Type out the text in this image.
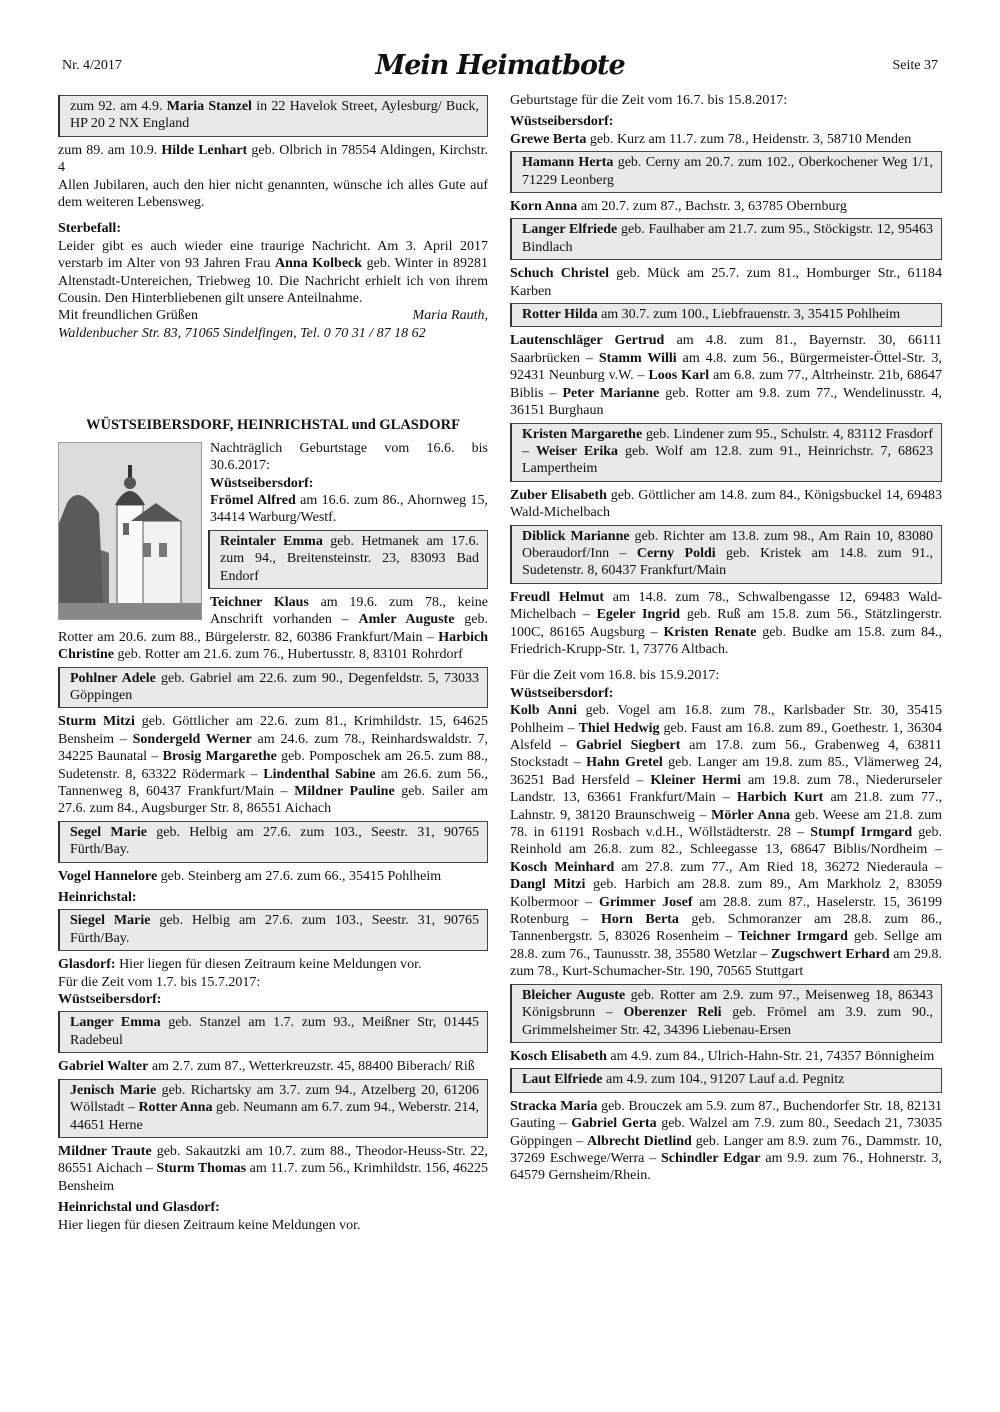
Nr. 4/2017	Mein Heimatbote	Seite 37

zum 92. am 4.9. Maria Stanzel in 22 Havelok Street, Aylesburg/ Buck, HP 20 2 NX England

zum 89. am 10.9. Hilde Lenhart geb. Olbrich in 78554 Aldingen, Kirchstr. 4

Allen Jubilaren, auch den hier nicht genannten, wünsche ich alles Gute auf dem weiteren Lebensweg.

Sterbefall:

Leider gibt es auch wieder eine traurige Nachricht. Am 3. April 2017 verstarb im Alter von 93 Jahren Frau Anna Kolbeck geb. Winter in 89281 Altenstadt-Untereichen, Triebweg 10. Die Nachricht erhielt ich von ihrem Cousin. Den Hinterbliebenen gilt unsere Anteilnahme.

Mit freundlichen Grüßen	Maria Rauth,

Waldenbucher Str. 83, 71065 Sindelfingen, Tel. 0 70 31 / 87 18 62

WÜSTSEIBERSDORF, HEINRICHSTAL und GLASDORF

Nachträglich Geburtstage vom 16.6. bis 30.6.2017:

Wüstseibersdorf:

Frömel Alfred am 16.6. zum 86., Ahornweg 15, 34414 Warburg/Westf.

Reintaler Emma geb. Hetmanek am 17.6. zum 94., Breitensteinstr. 23, 83093 Bad Endorf

Teichner Klaus am 19.6. zum 78., keine Anschrift vorhanden – Amler Auguste geb. Rotter am 20.6. zum 88., Bürgelerstr. 82, 60386 Frankfurt/Main – Harbich Christine geb. Rotter am 21.6. zum 76., Hubertusstr. 8, 83101 Rohrdorf

Pohlner Adele geb. Gabriel am 22.6. zum 90., Degenfeldstr. 5, 73033 Göppingen

Sturm Mitzi geb. Göttlicher am 22.6. zum 81., Krimhildstr. 15, 64625 Bensheim – Sondergeld Werner am 24.6. zum 78., Reinhardswaldstr. 7, 34225 Baunatal – Brosig Margarethe geb. Pomposchek am 26.5. zum 88., Sudetenstr. 8, 63322 Rödermark – Lindenthal Sabine am 26.6. zum 56., Tannenweg 8, 60437 Frankfurt/Main – Mildner Pauline geb. Sailer am 27.6. zum 84., Augsburger Str. 8, 86551 Aichach

Segel Marie geb. Helbig am 27.6. zum 103., Seestr. 31, 90765 Fürth/Bay.

Vogel Hannelore geb. Steinberg am 27.6. zum 66., 35415 Pohlheim

Heinrichstal:

Siegel Marie geb. Helbig am 27.6. zum 103., Seestr. 31, 90765 Fürth/Bay.

Glasdorf: Hier liegen für diesen Zeitraum keine Meldungen vor.

Für die Zeit vom 1.7. bis 15.7.2017:

Wüstseibersdorf:

Langer Emma geb. Stanzel am 1.7. zum 93., Meißner Str, 01445 Radebeul

Gabriel Walter am 2.7. zum 87., Wetterkreuzstr. 45, 88400 Biberach/ Riß

Jenisch Marie geb. Richartsky am 3.7. zum 94., Atzelberg 20, 61206 Wöllstadt – Rotter Anna geb. Neumann am 6.7. zum 94., Weberstr. 214, 44651 Herne

Mildner Traute geb. Sakautzki am 10.7. zum 88., Theodor-Heuss-Str. 22, 86551 Aichach – Sturm Thomas am 11.7. zum 56., Krimhildstr. 156, 46225 Bensheim

Heinrichstal und Glasdorf:

Hier liegen für diesen Zeitraum keine Meldungen vor.

Geburtstage für die Zeit vom 16.7. bis 15.8.2017:

Wüstseibersdorf:

Grewe Berta geb. Kurz am 11.7. zum 78., Heidenstr. 3, 58710 Menden

Hamann Herta geb. Cerny am 20.7. zum 102., Oberkochener Weg 1/1, 71229 Leonberg

Korn Anna am 20.7. zum 87., Bachstr. 3, 63785 Obernburg

Langer Elfriede geb. Faulhaber am 21.7. zum 95., Stöckigstr. 12, 95463 Bindlach

Schuch Christel geb. Mück am 25.7. zum 81., Homburger Str., 61184 Karben

Rotter Hilda am 30.7. zum 100., Liebfrauenstr. 3, 35415 Pohlheim

Lautenschläger Gertrud am 4.8. zum 81., Bayernstr. 30, 66111 Saarbrücken – Stamm Willi am 4.8. zum 56., Bürgermeister-Öttel-Str. 3, 92431 Neunburg v.W. – Loos Karl am 6.8. zum 77., Altrheinstr. 21b, 68647 Biblis – Peter Marianne geb. Rotter am 9.8. zum 77., Wendelinusstr. 4, 36151 Burghaun

Kristen Margarethe geb. Lindener zum 95., Schulstr. 4, 83112 Frasdorf – Weiser Erika geb. Wolf am 12.8. zum 91., Heinrichstr. 7, 68623 Lampertheim

Zuber Elisabeth geb. Göttlicher am 14.8. zum 84., Königsbuckel 14, 69483 Wald-Michelbach

Diblick Marianne geb. Richter am 13.8. zum 98., Am Rain 10, 83080 Oberaudorf/Inn – Cerny Poldi geb. Kristek am 14.8. zum 91., Sudetenstr. 8, 60437 Frankfurt/Main

Freudl Helmut am 14.8. zum 78., Schwalbengasse 12, 69483 Wald-Michelbach – Egeler Ingrid geb. Ruß am 15.8. zum 56., Stätzlingerstr. 100C, 86165 Augsburg – Kristen Renate geb. Budke am 15.8. zum 84., Friedrich-Krupp-Str. 1, 73776 Altbach.

Für die Zeit vom 16.8. bis 15.9.2017:

Wüstseibersdorf:

Kolb Anni geb. Vogel am 16.8. zum 78., Karlsbader Str. 30, 35415 Pohlheim – Thiel Hedwig geb. Faust am 16.8. zum 89., Goethestr. 1, 36304 Alsfeld – Gabriel Siegbert am 17.8. zum 56., Grabenweg 4, 63811 Stockstadt – Hahn Gretel geb. Langer am 19.8. zum 85., Vlämerweg 24, 36251 Bad Hersfeld – Kleiner Hermi am 19.8. zum 78., Niederurseler Landstr. 13, 63661 Frankfurt/Main – Harbich Kurt am 21.8. zum 77., Lahnstr. 9, 38120 Braunschweig – Mörler Anna geb. Weese am 21.8. zum 78. in 61191 Rosbach v.d.H., Wöllstädterstr. 28 – Stumpf Irmgard geb. Reinhold am 26.8. zum 82., Schleegasse 13, 68647 Biblis/Nordheim – Kosch Meinhard am 27.8. zum 77., Am Ried 18, 36272 Niederaula – Dangl Mitzi geb. Harbich am 28.8. zum 89., Am Markholz 2, 83059 Kolbermoor – Grimmer Josef am 28.8. zum 87., Haselerstr. 15, 36199 Rotenburg – Horn Berta geb. Schmoranzer am 28.8. zum 86., Tannenbergstr. 5, 83026 Rosenheim – Teichner Irmgard geb. Sellge am 28.8. zum 76., Taunusstr. 38, 35580 Wetzlar – Zugschwert Erhard am 29.8. zum 78., Kurt-Schumacher-Str. 190, 70565 Stuttgart

Bleicher Auguste geb. Rotter am 2.9. zum 97., Meisenweg 18, 86343 Königsbrunn – Oberenzer Reli geb. Frömel am 3.9. zum 90., Grimmelsheimer Str. 42, 34396 Liebenau-Ersen

Kosch Elisabeth am 4.9. zum 84., Ulrich-Hahn-Str. 21, 74357 Bönnigheim

Laut Elfriede am 4.9. zum 104., 91207 Lauf a.d. Pegnitz

Stracka Maria geb. Brouczek am 5.9. zum 87., Buchendorfer Str. 18, 82131 Gauting – Gabriel Gerta geb. Walzel am 7.9. zum 80., Seedach 21, 73035 Göppingen – Albrecht Dietlind geb. Langer am 8.9. zum 76., Dammstr. 10, 37269 Eschwege/Werra – Schindler Edgar am 9.9. zum 76., Hohnerstr. 3, 64579 Gernsheim/Rhein.
